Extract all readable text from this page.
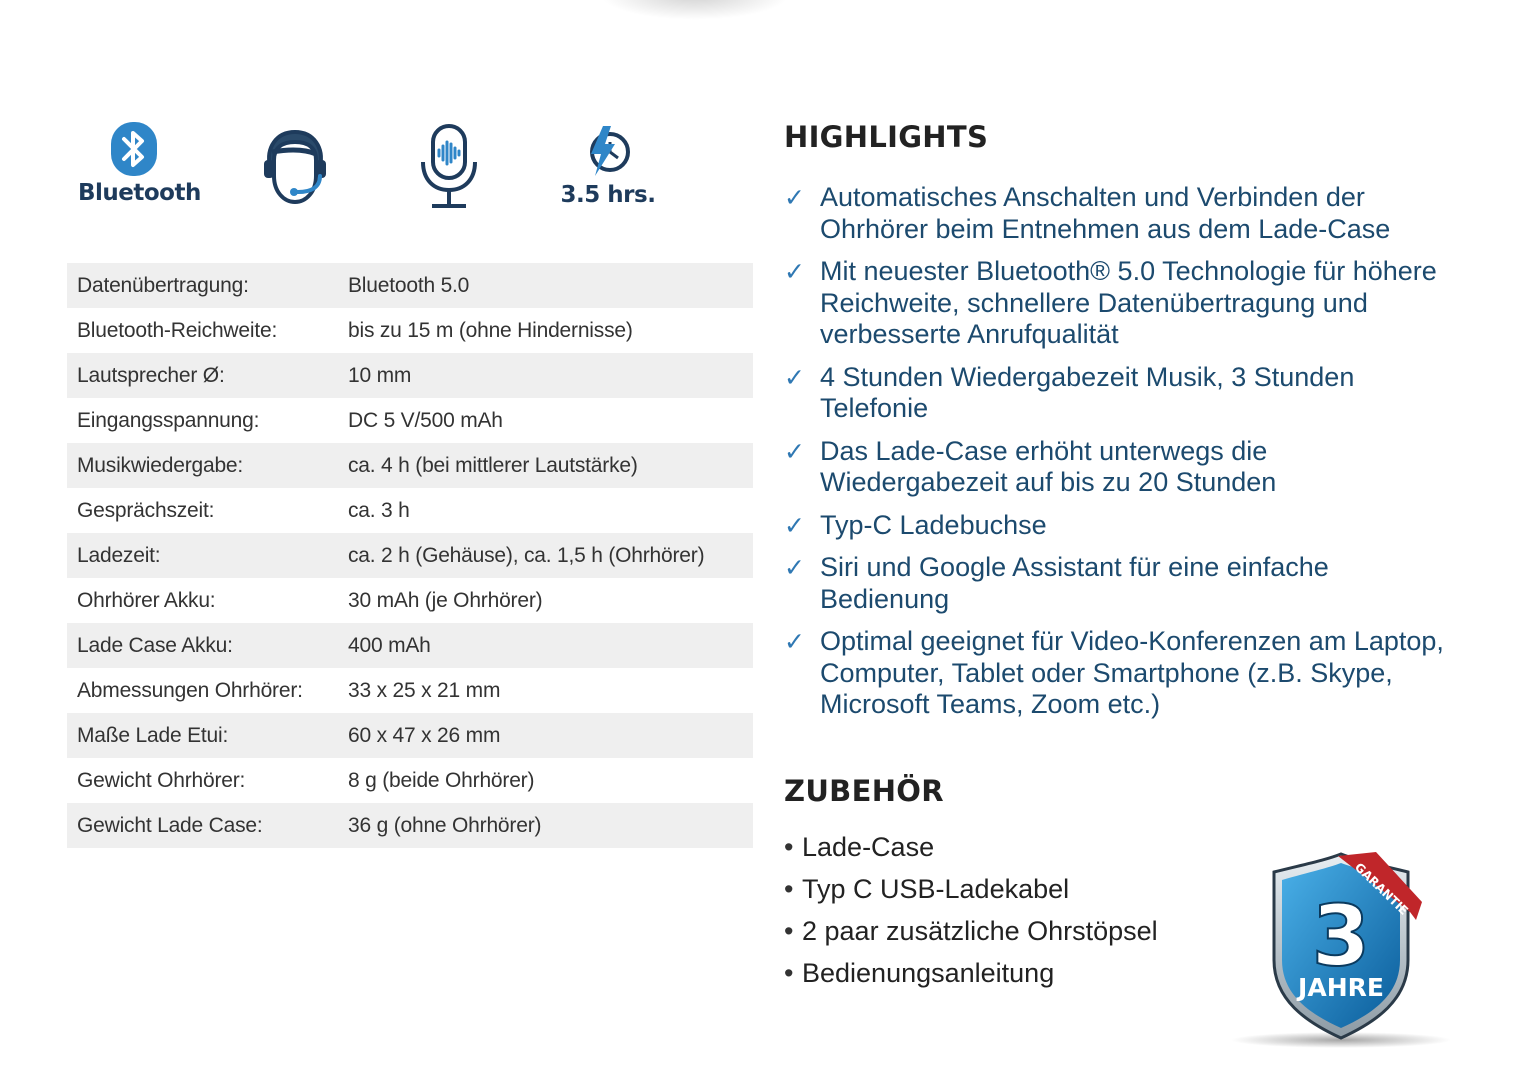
Bluetooth	3.5 hrs.
Datenübertragung:	Bluetooth 5.0
Bluetooth-Reichweite:	bis zu 15 m (ohne Hindernisse)
Lautsprecher Ø:	10 mm
Eingangsspannung:	DC 5 V/500 mAh
Musikwiedergabe:	ca. 4 h (bei mittlerer Lautstärke)
Gesprächszeit:	ca. 3 h
Ladezeit:	ca. 2 h (Gehäuse), ca. 1,5 h (Ohrhörer)
Ohrhörer Akku:	30 mAh (je Ohrhörer)
Lade Case Akku:	400 mAh
Abmessungen Ohrhörer:	33 x 25 x 21 mm
Maße Lade Etui:	60 x 47 x 26 mm
Gewicht Ohrhörer:	8 g (beide Ohrhörer)
Gewicht Lade Case:	36 g (ohne Ohrhörer)
HIGHLIGHTS
✓ Automatisches Anschalten und Verbinden der
Ohrhörer beim Entnehmen aus dem Lade-Case
✓ Mit neuester Bluetooth® 5.0 Technologie für höhere
Reichweite, schnellere Datenübertragung und
verbesserte Anrufqualität
✓ 4 Stunden Wiedergabezeit Musik, 3 Stunden
Telefonie
✓ Das Lade-Case erhöht unterwegs die
Wiedergabezeit auf bis zu 20 Stunden
✓ Typ-C Ladebuchse
✓ Siri und Google Assistant für eine einfache
Bedienung
✓ Optimal geeignet für Video-Konferenzen am Laptop,
Computer, Tablet oder Smartphone (z.B. Skype,
Microsoft Teams, Zoom etc.)
ZUBEHÖR
• Lade-Case
• Typ C USB-Ladekabel
• 2 paar zusätzliche Ohrstöpsel
• Bedienungsanleitung
GARANTIE
3
JAHRE
